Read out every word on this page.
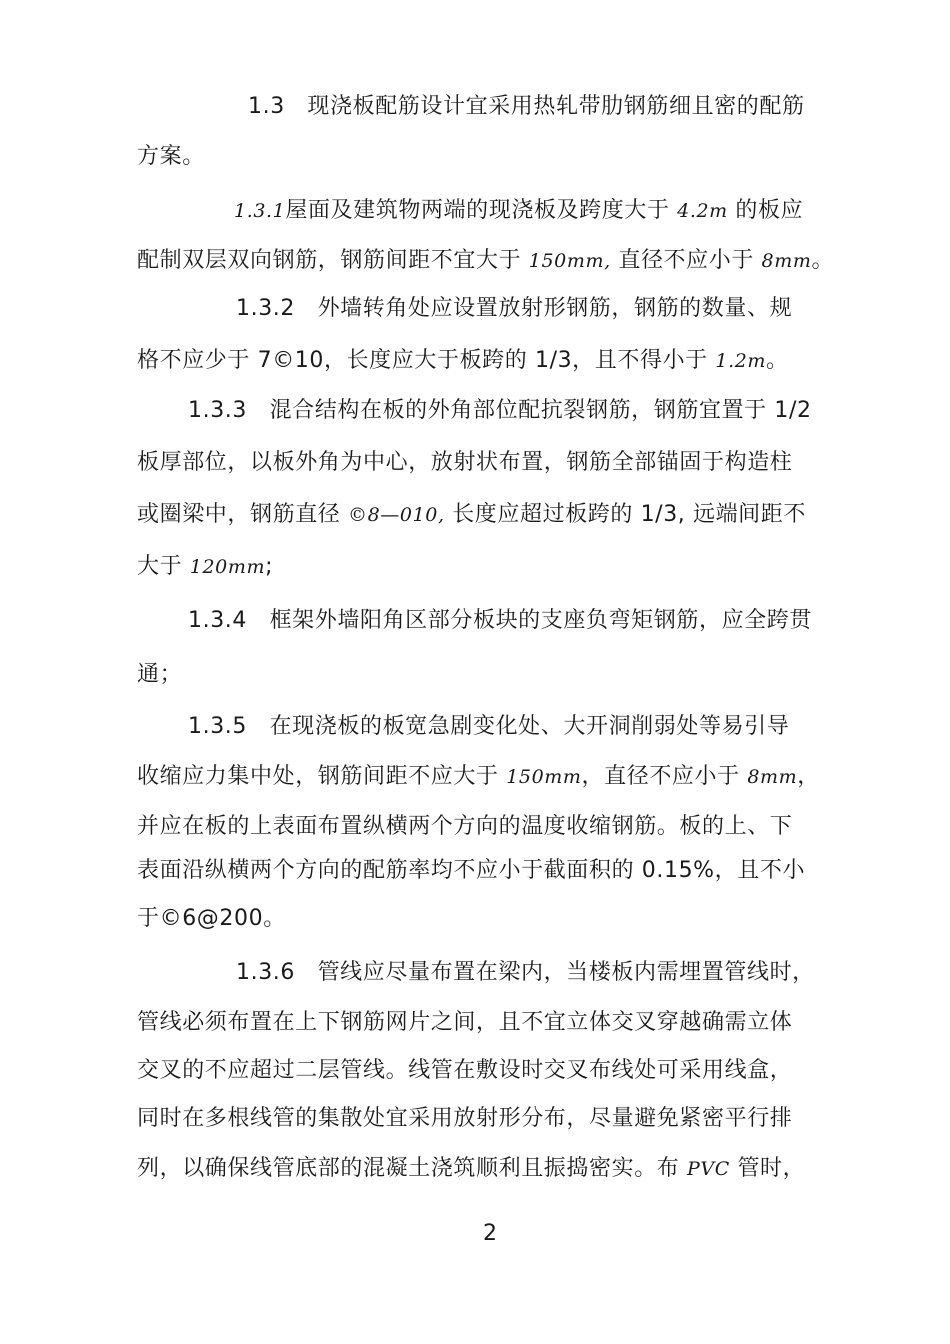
1.3　现浇板配筋设计宜采用热轧带肋钢筋细且密的配筋
方案。
1.3.1屋面及建筑物两端的现浇板及跨度大于 4.2m 的板应
配制双层双向钢筋，钢筋间距不宜大于 150mm, 直径不应小于 8mm。
1.3.2　外墙转角处应设置放射形钢筋，钢筋的数量、规
格不应少于 7©10，长度应大于板跨的 1/3，且不得小于 1.2m。
1.3.3　混合结构在板的外角部位配抗裂钢筋，钢筋宜置于 1/2
板厚部位，以板外角为中心，放射状布置，钢筋全部锚固于构造柱
或圈梁中，钢筋直径 ©8—010, 长度应超过板跨的 1/3, 远端间距不
大于 120mm;
1.3.4　框架外墙阳角区部分板块的支座负弯矩钢筋，应全跨贯
通；
1.3.5　在现浇板的板宽急剧变化处、大开洞削弱处等易引导
收缩应力集中处，钢筋间距不应大于 150mm，直径不应小于 8mm，
并应在板的上表面布置纵横两个方向的温度收缩钢筋。板的上、下
表面沿纵横两个方向的配筋率均不应小于截面积的 0.15%，且不小
于©6@200。
1.3.6　管线应尽量布置在梁内，当楼板内需埋置管线时，
管线必须布置在上下钢筋网片之间，且不宜立体交叉穿越确需立体
交叉的不应超过二层管线。线管在敷设时交叉布线处可采用线盒，
同时在多根线管的集散处宜采用放射形分布，尽量避免紧密平行排
列，以确保线管底部的混凝土浇筑顺利且振捣密实。布 PVC 管时，
2
